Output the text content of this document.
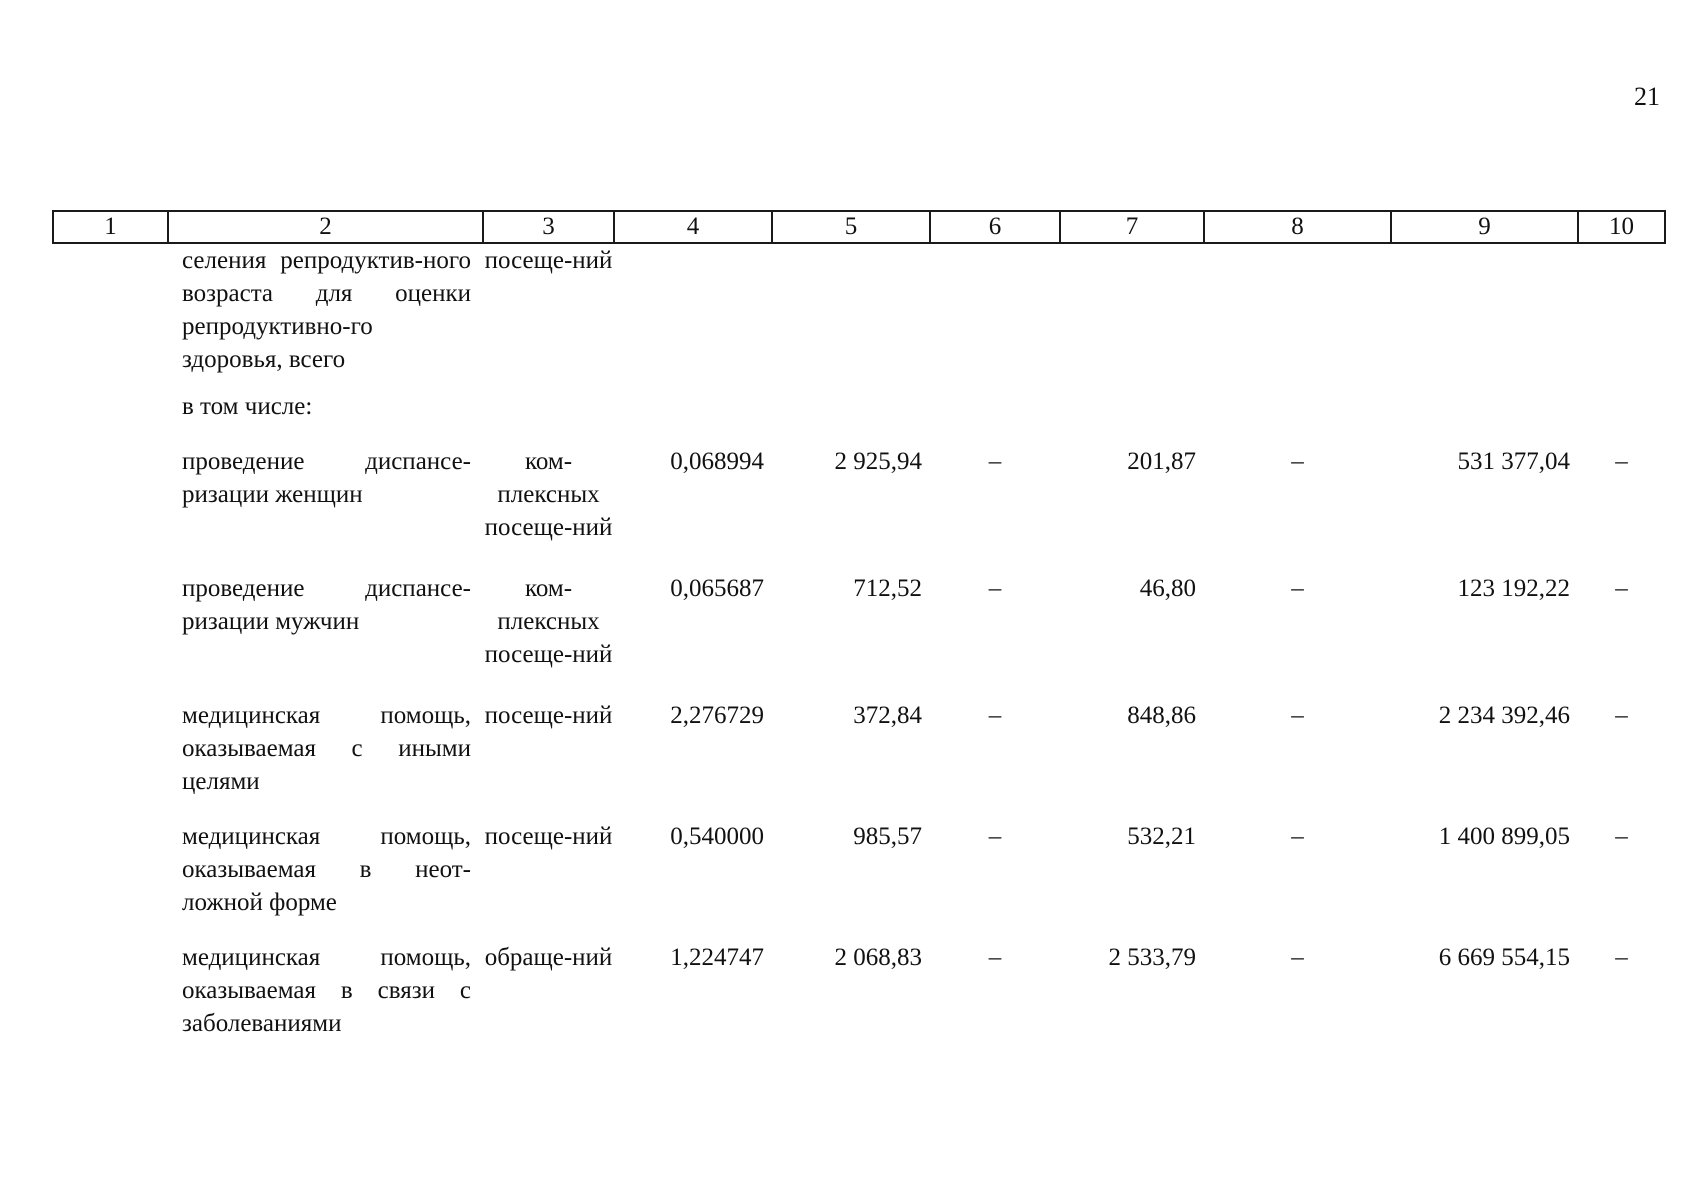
21
1	2	3	4	5	6	7	8	9	10
	селения репродуктив-ного возраста для оценки репродуктивно-го здоровья, всего	посеще-ний							
	в том числе:								
	проведение диспансе-ризации женщин	ком-плексных посеще-ний	0,068994	2 925,94	–	201,87	–	531 377,04	–
	проведение диспансе-ризации мужчин	ком-плексных посеще-ний	0,065687	712,52	–	46,80	–	123 192,22	–
	медицинская помощь, оказываемая с иными целями	посеще-ний	2,276729	372,84	–	848,86	–	2 234 392,46	–
	медицинская помощь, оказываемая в неот-ложной форме	посеще-ний	0,540000	985,57	–	532,21	–	1 400 899,05	–
	медицинская помощь, оказываемая в связи с заболеваниями	обраще-ний	1,224747	2 068,83	–	2 533,79	–	6 669 554,15	–
